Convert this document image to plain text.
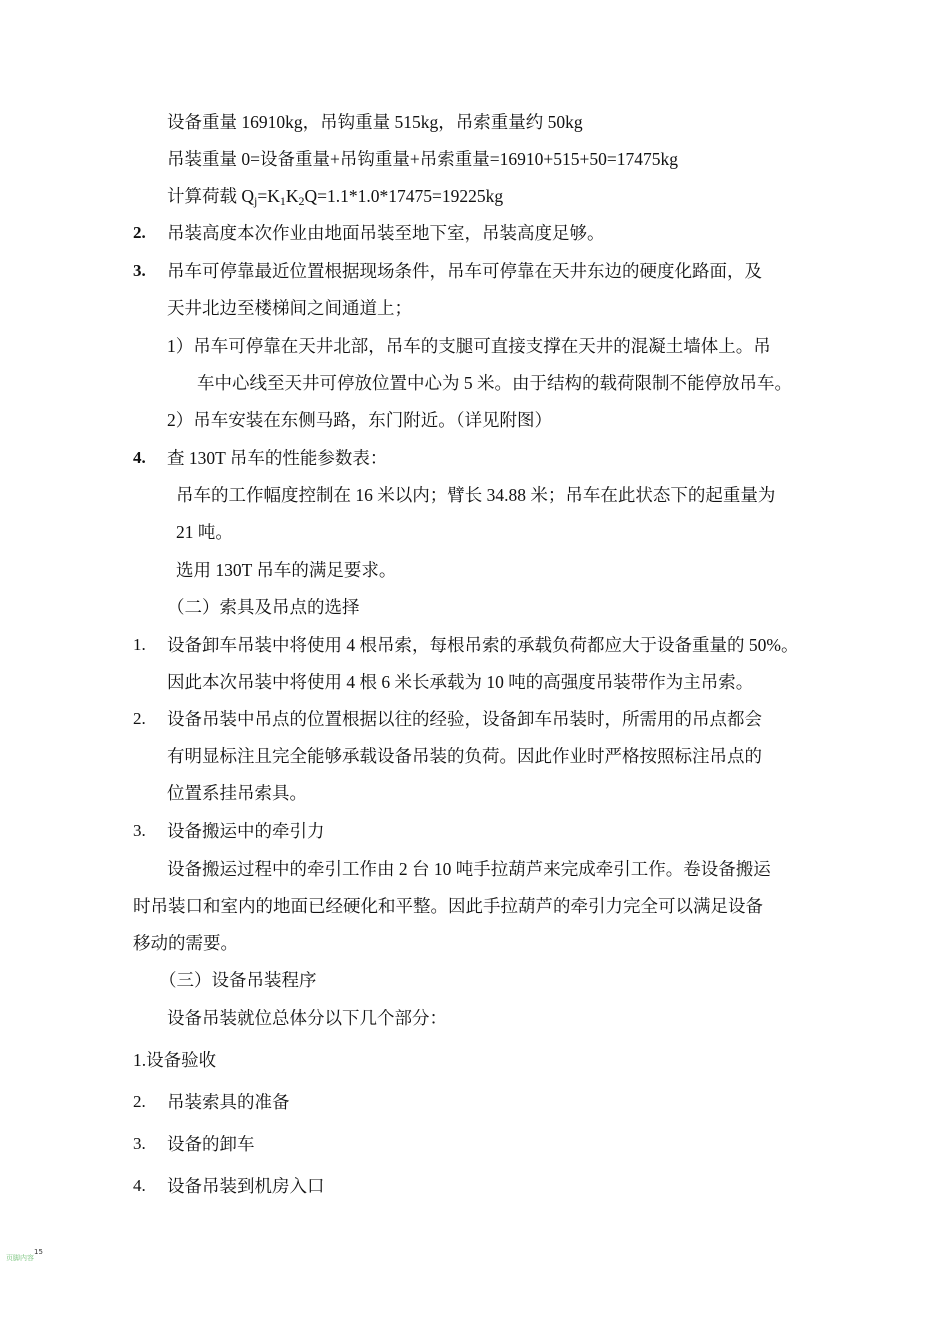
设备重量 16910kg，吊钩重量 515kg，吊索重量约 50kg
吊装重量 0=设备重量+吊钩重量+吊索重量=16910+515+50=17475kg
计算荷载 $Q_j=K_1K_2Q=1.1*1.0*17475=19225kg$
2. 吊装高度本次作业由地面吊装至地下室，吊装高度足够。
3. 吊车可停靠最近位置根据现场条件，吊车可停靠在天井东边的硬度化路面，及
天井北边至楼梯间之间通道上；
1）吊车可停靠在天井北部，吊车的支腿可直接支撑在天井的混凝土墙体上。吊
车中心线至天井可停放位置中心为 5 米。由于结构的载荷限制不能停放吊车。
2）吊车安装在东侧马路，东门附近。（详见附图）
4. 查 130T 吊车的性能参数表：
吊车的工作幅度控制在 16 米以内；臂长 34.88 米；吊车在此状态下的起重量为
21 吨。
选用 130T 吊车的满足要求。
（二）索具及吊点的选择
1. 设备卸车吊装中将使用 4 根吊索，每根吊索的承载负荷都应大于设备重量的 50%。
因此本次吊装中将使用 4 根 6 米长承载为 10 吨的高强度吊装带作为主吊索。
2. 设备吊装中吊点的位置根据以往的经验，设备卸车吊装时，所需用的吊点都会
有明显标注且完全能够承载设备吊装的负荷。因此作业时严格按照标注吊点的
位置系挂吊索具。
3. 设备搬运中的牵引力
设备搬运过程中的牵引工作由 2 台 10 吨手拉葫芦来完成牵引工作。卷设备搬运
时吊装口和室内的地面已经硬化和平整。因此手拉葫芦的牵引力完全可以满足设备
移动的需要。
（三）设备吊装程序
设备吊装就位总体分以下几个部分：
1.设备验收
2. 吊装索具的准备
3. 设备的卸车
4. 设备吊装到机房入口
页脚内容15
